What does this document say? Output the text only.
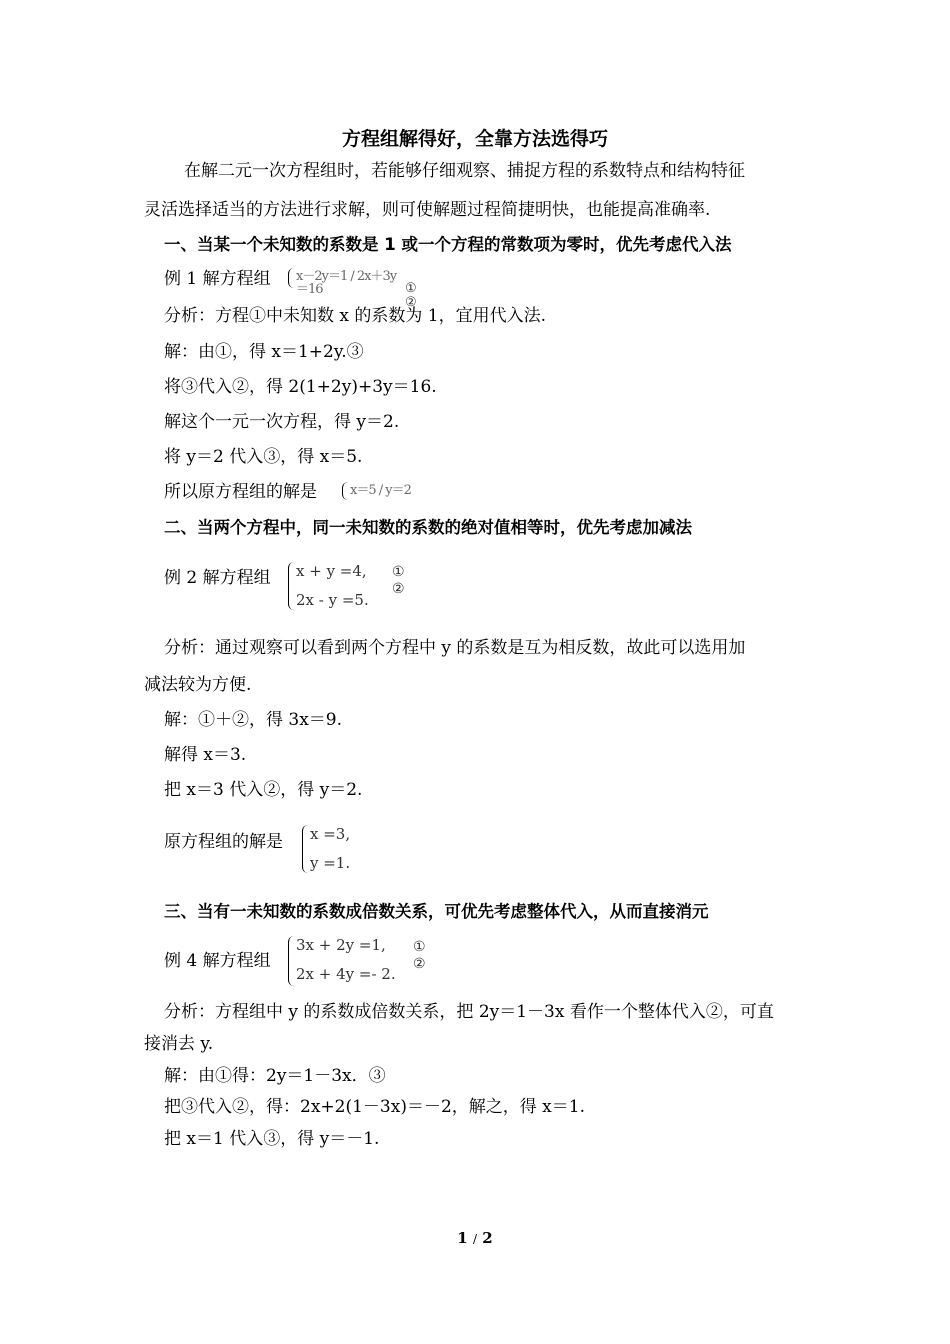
方程组解得好，全靠方法选得巧
在解二元一次方程组时，若能够仔细观察、捕捉方程的系数特点和结构特征
灵活选择适当的方法进行求解，则可使解题过程简捷明快，也能提高准确率.
一、当某一个未知数的系数是 1 或一个方程的常数项为零时，优先考虑代入法
例 1 解方程组 x－2y＝1 / 2x＋3y＝16	①
②
分析：方程①中未知数 x 的系数为 1，宜用代入法.
解：由①，得 x＝1+2y.③
将③代入②，得 2(1+2y)+3y＝16.
解这个一元一次方程，得 y＝2.
将 y＝2 代入③，得 x＝5.
所以原方程组的解是	x＝5 / y＝2
二、当两个方程中，同一未知数的系数的绝对值相等时，优先考虑加减法
例 2 解方程组 x + y =4,
2x - y =5.
①
②
分析：通过观察可以看到两个方程中 y 的系数是互为相反数，故此可以选用加
减法较为方便.
解：①＋②，得 3x＝9.
解得 x＝3.
把 x＝3 代入②，得 y＝2.
原方程组的解是 x =3,
y =1.
三、当有一未知数的系数成倍数关系，可优先考虑整体代入，从而直接消元
例 4 解方程组
3x + 2y =1,
2x + 4y =- 2.
①
②
分析：方程组中 y 的系数成倍数关系，把 2y＝1－3x 看作一个整体代入②，可直
接消去 y.
解：由①得：2y＝1－3x．③
把③代入②，得：2x+2(1－3x)＝－2，解之，得 x＝1.
把 x＝1 代入③，得 y＝－1.
1 / 2
